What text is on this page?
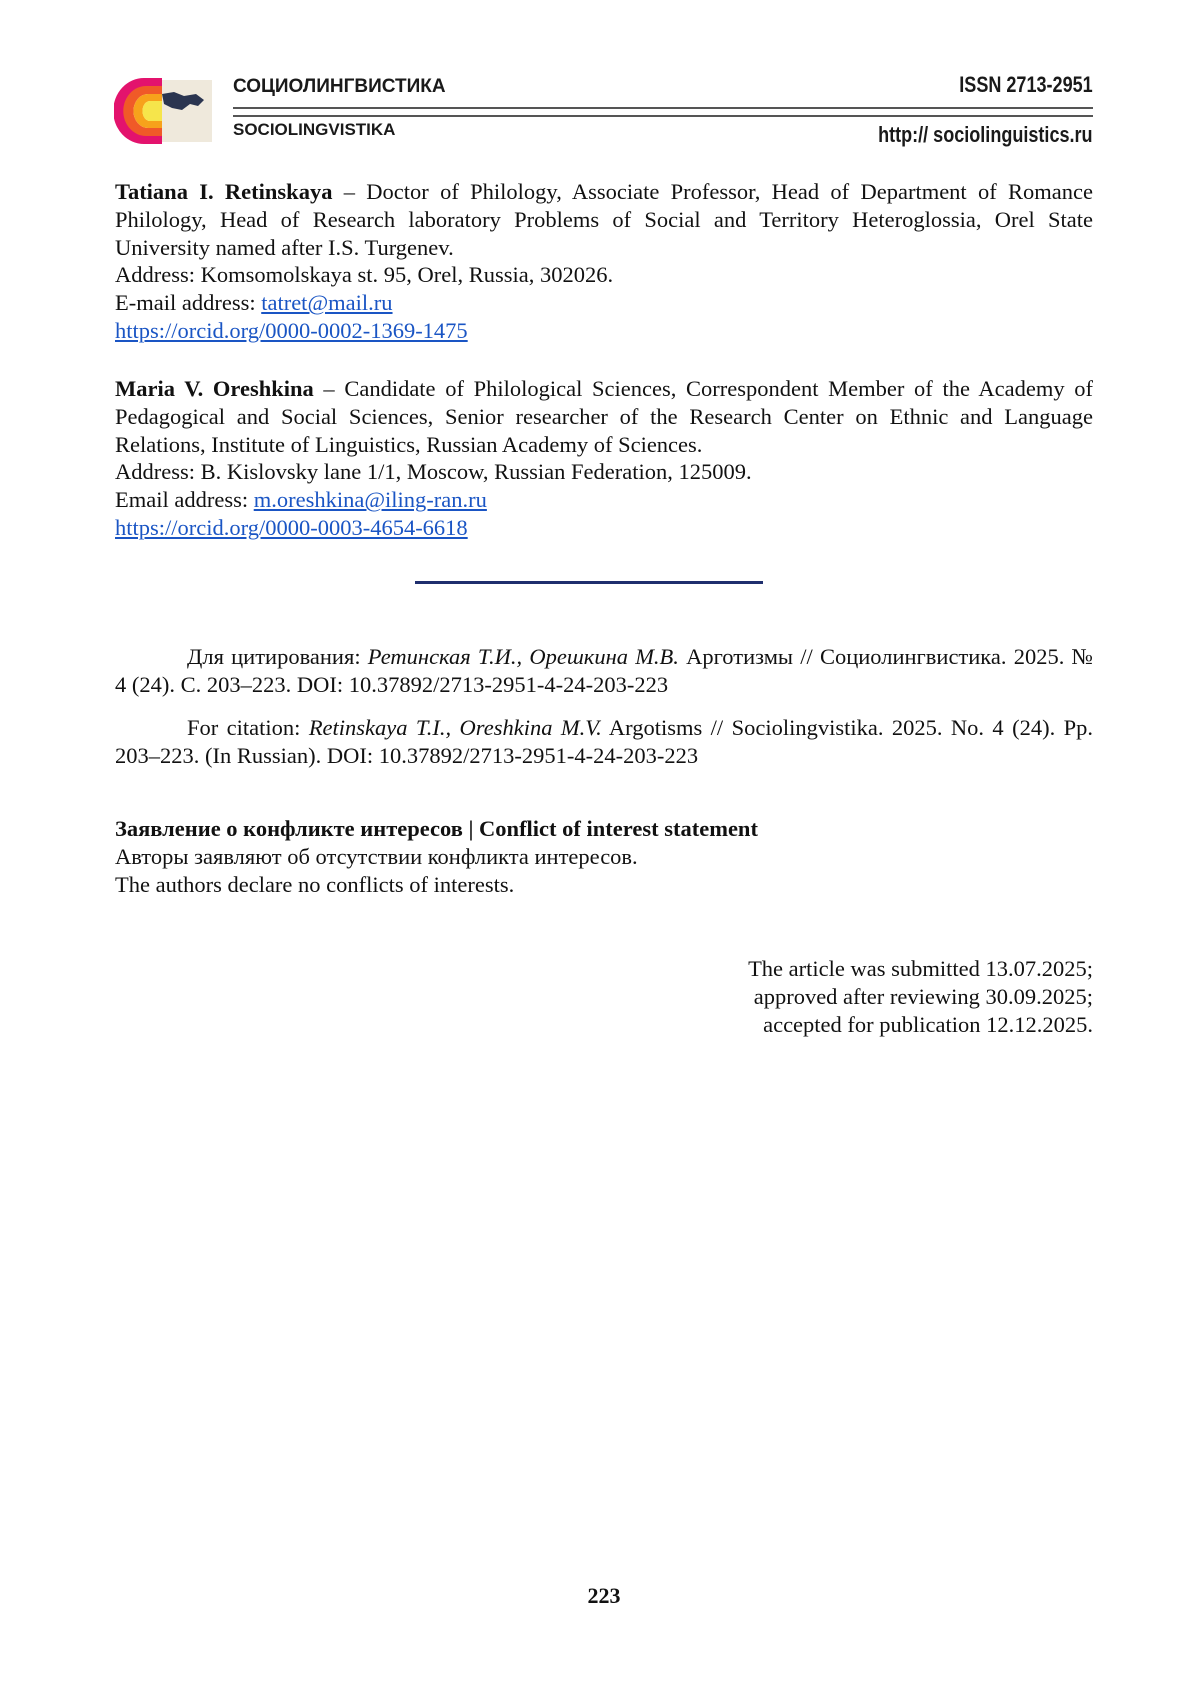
СОЦИОЛИНГВИСТИКА	ISSN 2713-2951
SOCIOLINGVISTIKA	http:// sociolinguistics.ru
Tatiana I. Retinskaya – Doctor of Philology, Associate Professor, Head of Department of Romance Philology, Head of Research laboratory Problems of Social and Territory Heteroglossia, Orel State University named after I.S. Turgenev.
Address: Komsomolskaya st. 95, Orel, Russia, 302026.
E-mail address: tatret@mail.ru
https://orcid.org/0000-0002-1369-1475
Maria V. Oreshkina – Candidate of Philological Sciences, Correspondent Member of the Academy of Pedagogical and Social Sciences, Senior researcher of the Research Center on Ethnic and Language Relations, Institute of Linguistics, Russian Academy of Sciences.
Address: B. Kislovsky lane 1/1, Moscow, Russian Federation, 125009.
Email address: m.oreshkina@iling-ran.ru
https://orcid.org/0000-0003-4654-6618
Для цитирования: Ретинская Т.И., Орешкина М.В. Арготизмы // Социолингвистика. 2025. № 4 (24). С. 203–223. DOI: 10.37892/2713-2951-4-24-203-223
For citation: Retinskaya T.I., Oreshkina M.V. Argotisms // Sociolingvistika. 2025. No. 4 (24). Pp. 203–223. (In Russian). DOI: 10.37892/2713-2951-4-24-203-223
Заявление о конфликте интересов | Conflict of interest statement
Авторы заявляют об отсутствии конфликта интересов.
The authors declare no conflicts of interests.
The article was submitted 13.07.2025;
approved after reviewing 30.09.2025;
accepted for publication 12.12.2025.
223
